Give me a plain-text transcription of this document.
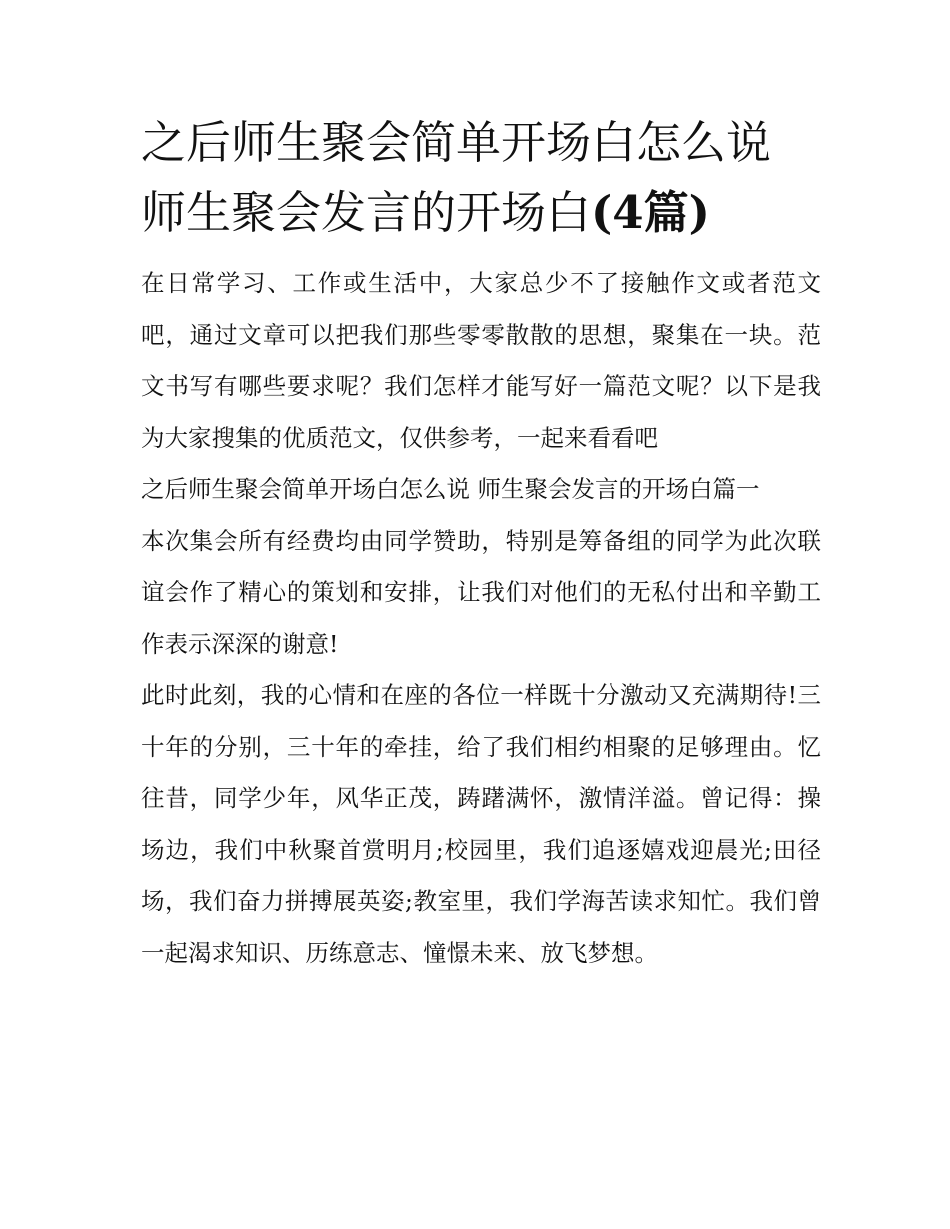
之后师生聚会简单开场白怎么说 师生聚会发言的开场白(4篇)

在日常学习、工作或生活中，大家总少不了接触作文或者范文吧，通过文章可以把我们那些零零散散的思想，聚集在一块。范文书写有哪些要求呢？我们怎样才能写好一篇范文呢？以下是我为大家搜集的优质范文，仅供参考，一起来看看吧

之后师生聚会简单开场白怎么说 师生聚会发言的开场白篇一

本次集会所有经费均由同学赞助，特别是筹备组的同学为此次联谊会作了精心的策划和安排，让我们对他们的无私付出和辛勤工作表示深深的谢意!

此时此刻，我的心情和在座的各位一样既十分激动又充满期待!三十年的分别，三十年的牵挂，给了我们相约相聚的足够理由。忆往昔，同学少年，风华正茂，踌躇满怀，激情洋溢。曾记得：操场边，我们中秋聚首赏明月;校园里，我们追逐嬉戏迎晨光;田径场，我们奋力拼搏展英姿;教室里，我们学海苦读求知忙。我们曾一起渴求知识、历练意志、憧憬未来、放飞梦想。
